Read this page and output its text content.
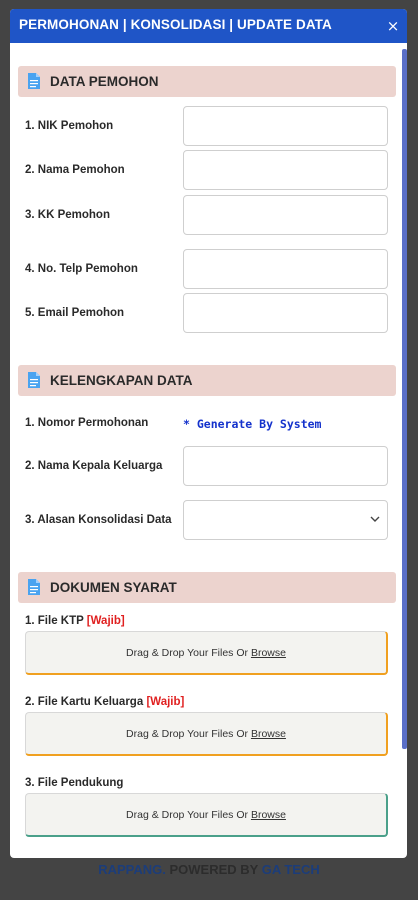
PERMOHONAN | KONSOLIDASI | UPDATE DATA	×
DATA PEMOHON
1. NIK Pemohon
2. Nama Pemohon
3. KK Pemohon
4. No. Telp Pemohon
5. Email Pemohon
KELENGKAPAN DATA
1. Nomor Permohonan	* Generate By System
2. Nama Kepala Keluarga
3. Alasan Konsolidasi Data
DOKUMEN SYARAT
1. File KTP [Wajib]
Drag & Drop Your Files Or Browse
2. File Kartu Keluarga [Wajib]
Drag & Drop Your Files Or Browse
3. File Pendukung
Drag & Drop Your Files Or Browse
RAPPANG. POWERED BY GA TECH
